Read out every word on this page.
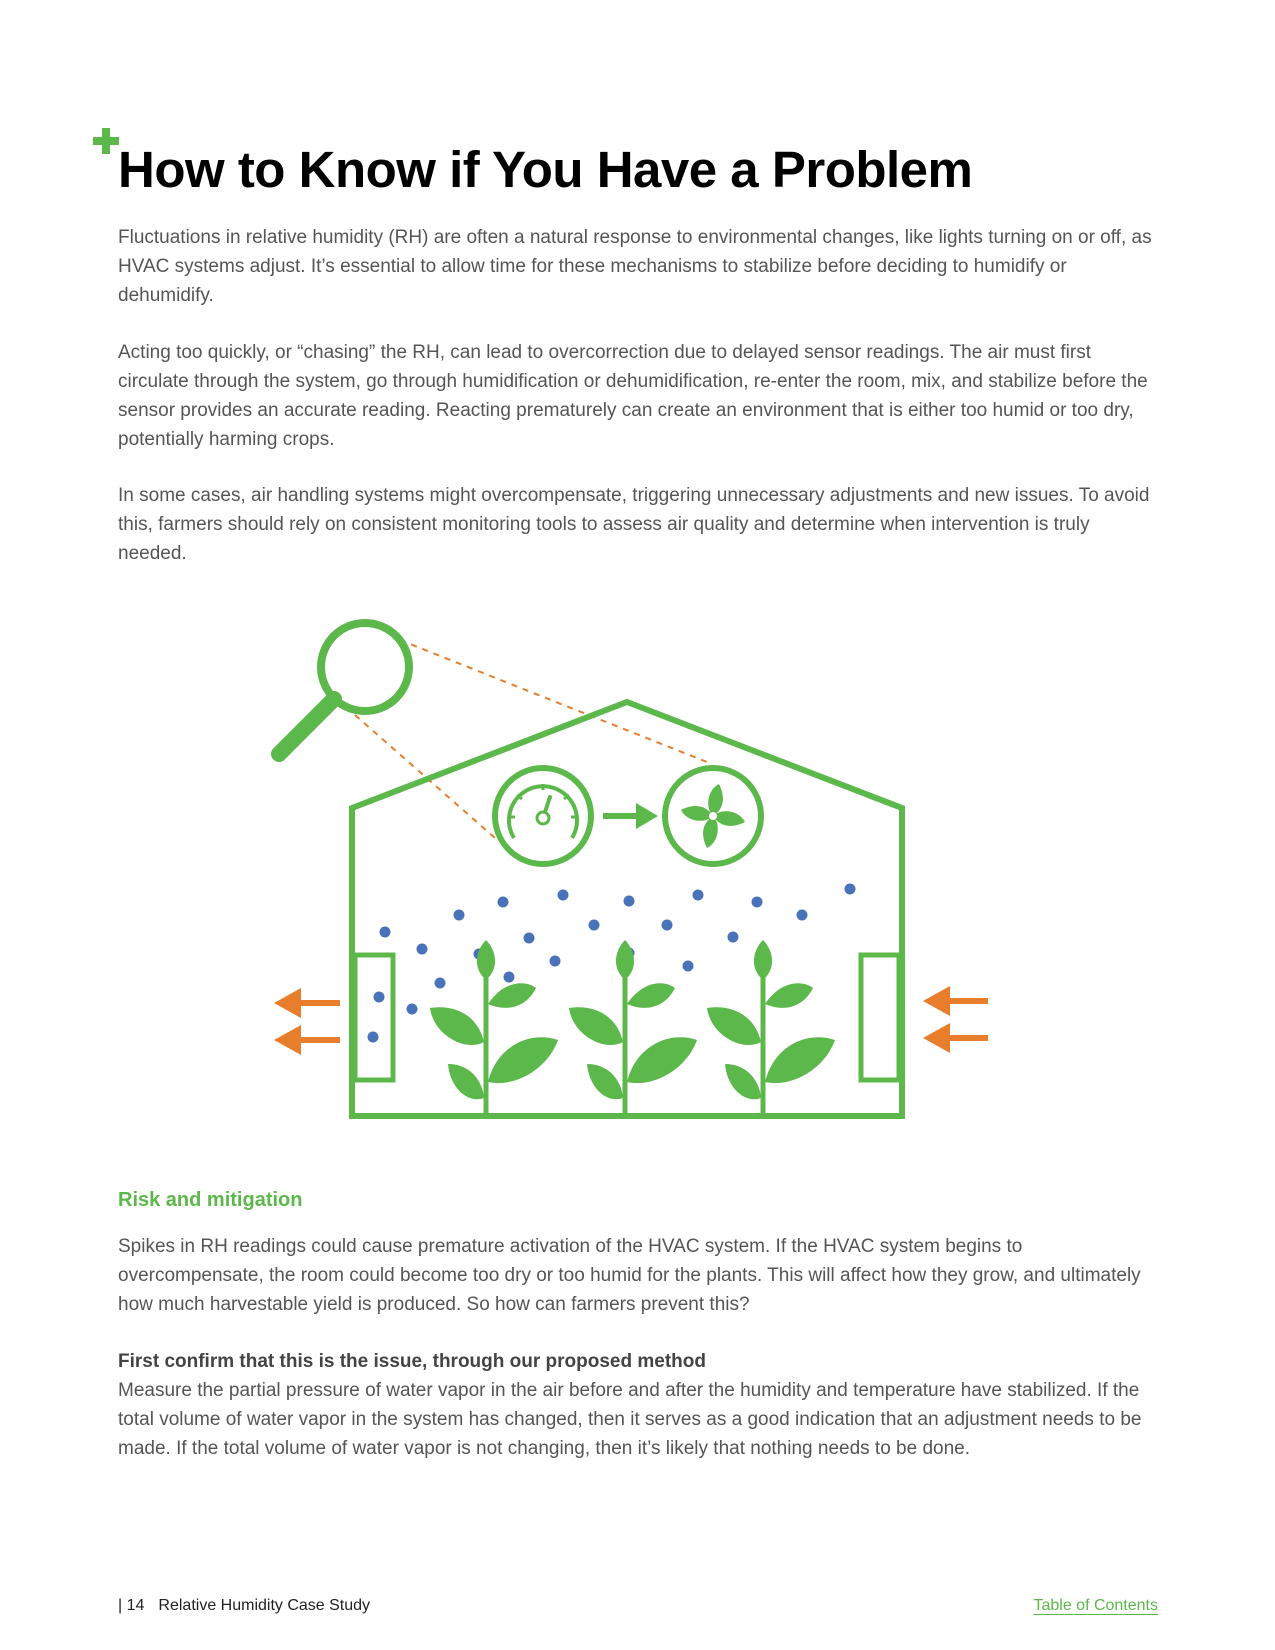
How to Know if You Have a Problem

Fluctuations in relative humidity (RH) are often a natural response to environmental changes, like lights turning on or off, as HVAC systems adjust. It’s essential to allow time for these mechanisms to stabilize before deciding to humidify or dehumidify.

Acting too quickly, or “chasing” the RH, can lead to overcorrection due to delayed sensor readings. The air must first circulate through the system, go through humidification or dehumidification, re-enter the room, mix, and stabilize before the sensor provides an accurate reading. Reacting prematurely can create an environment that is either too humid or too dry, potentially harming crops.

In some cases, air handling systems might overcompensate, triggering unnecessary adjustments and new issues. To avoid this, farmers should rely on consistent monitoring tools to assess air quality and determine when intervention is truly needed.

Risk and mitigation

Spikes in RH readings could cause premature activation of the HVAC system. If the HVAC system begins to overcompensate, the room could become too dry or too humid for the plants. This will affect how they grow, and ultimately how much harvestable yield is produced. So how can farmers prevent this?

First confirm that this is the issue, through our proposed method
Measure the partial pressure of water vapor in the air before and after the humidity and temperature have stabilized. If the total volume of water vapor in the system has changed, then it serves as a good indication that an adjustment needs to be made. If the total volume of water vapor is not changing, then it’s likely that nothing needs to be done.

| 14 Relative Humidity Case Study	Table of Contents
